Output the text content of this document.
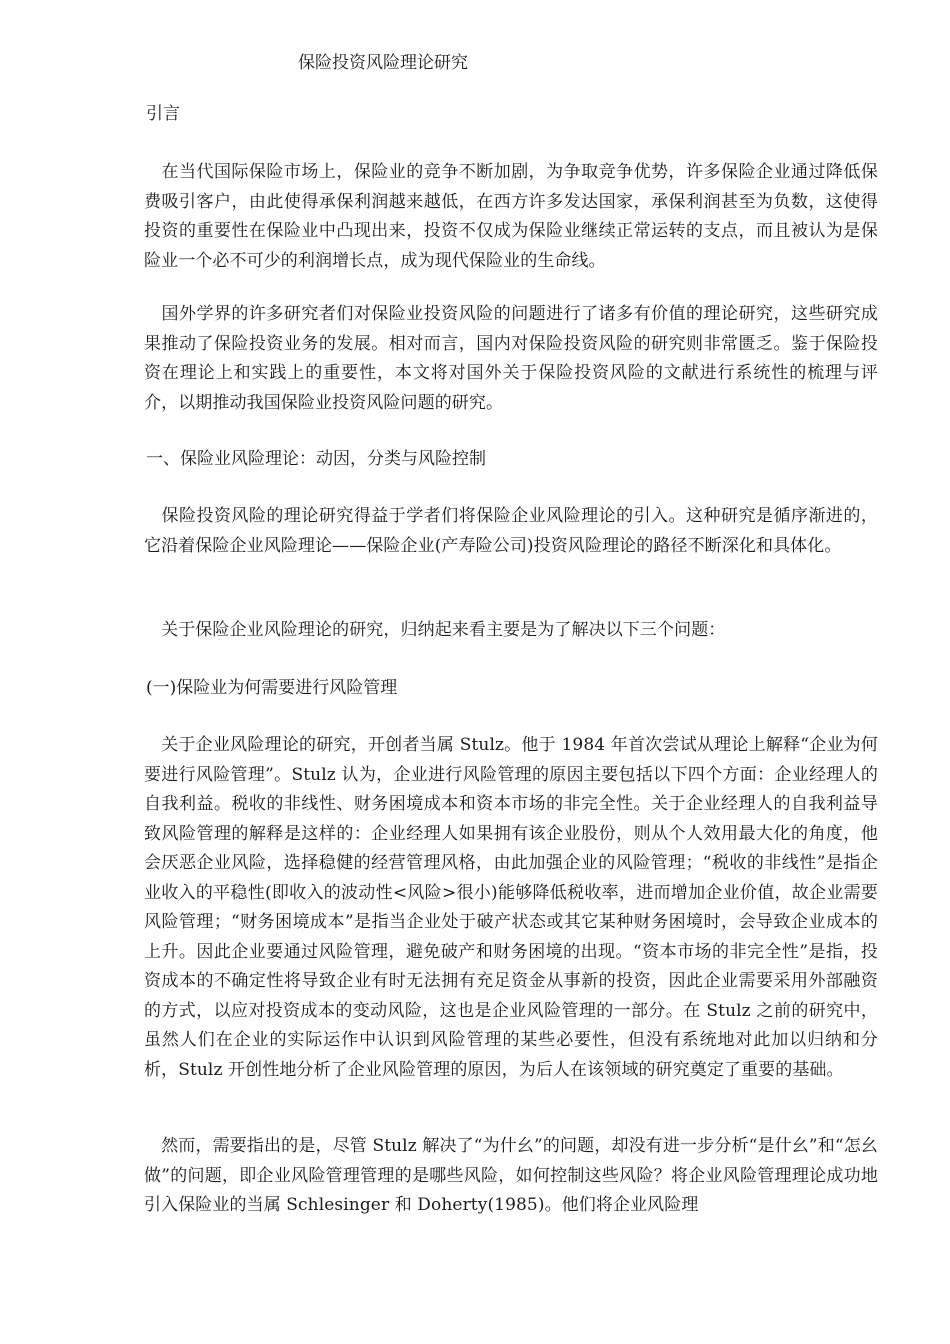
保险投资风险理论研究
引言

　在当代国际保险市场上，保险业的竞争不断加剧，为争取竞争优势，许多保险企业通过降低保费吸引客户，由此使得承保利润越来越低，在西方许多发达国家，承保利润甚至为负数，这使得投资的重要性在保险业中凸现出来，投资不仅成为保险业继续正常运转的支点，而且被认为是保险业一个必不可少的利润增长点，成为现代保险业的生命线。

　国外学界的许多研究者们对保险业投资风险的问题进行了诸多有价值的理论研究，这些研究成果推动了保险投资业务的发展。相对而言，国内对保险投资风险的研究则非常匮乏。鉴于保险投资在理论上和实践上的重要性，本文将对国外关于保险投资风险的文献进行系统性的梳理与评介，以期推动我国保险业投资风险问题的研究。

一、保险业风险理论：动因，分类与风险控制

　保险投资风险的理论研究得益于学者们将保险企业风险理论的引入。这种研究是循序渐进的，它沿着保险企业风险理论——保险企业(产寿险公司)投资风险理论的路径不断深化和具体化。

　关于保险企业风险理论的研究，归纳起来看主要是为了解决以下三个问题：

(一)保险业为何需要进行风险管理

　关于企业风险理论的研究，开创者当属 Stulz。他于 1984 年首次尝试从理论上解释“企业为何要进行风险管理”。Stulz 认为，企业进行风险管理的原因主要包括以下四个方面：企业经理人的自我利益。税收的非线性、财务困境成本和资本市场的非完全性。关于企业经理人的自我利益导致风险管理的解释是这样的：企业经理人如果拥有该企业股份，则从个人效用最大化的角度，他会厌恶企业风险，选择稳健的经营管理风格，由此加强企业的风险管理；“税收的非线性”是指企业收入的平稳性(即收入的波动性<风险>很小)能够降低税收率，进而增加企业价值，故企业需要风险管理；“财务困境成本”是指当企业处于破产状态或其它某种财务困境时，会导致企业成本的上升。因此企业要通过风险管理，避免破产和财务困境的出现。“资本市场的非完全性”是指，投资成本的不确定性将导致企业有时无法拥有充足资金从事新的投资，因此企业需要采用外部融资的方式，以应对投资成本的变动风险，这也是企业风险管理的一部分。在 Stulz 之前的研究中，虽然人们在企业的实际运作中认识到风险管理的某些必要性，但没有系统地对此加以归纳和分析，Stulz 开创性地分析了企业风险管理的原因，为后人在该领域的研究奠定了重要的基础。

　然而，需要指出的是，尽管 Stulz 解决了“为什幺”的问题，却没有进一步分析“是什幺”和“怎幺做”的问题，即企业风险管理管理的是哪些风险，如何控制这些风险？将企业风险管理理论成功地引入保险业的当属 Schlesinger 和 Doherty(1985)。他们将企业风险理
